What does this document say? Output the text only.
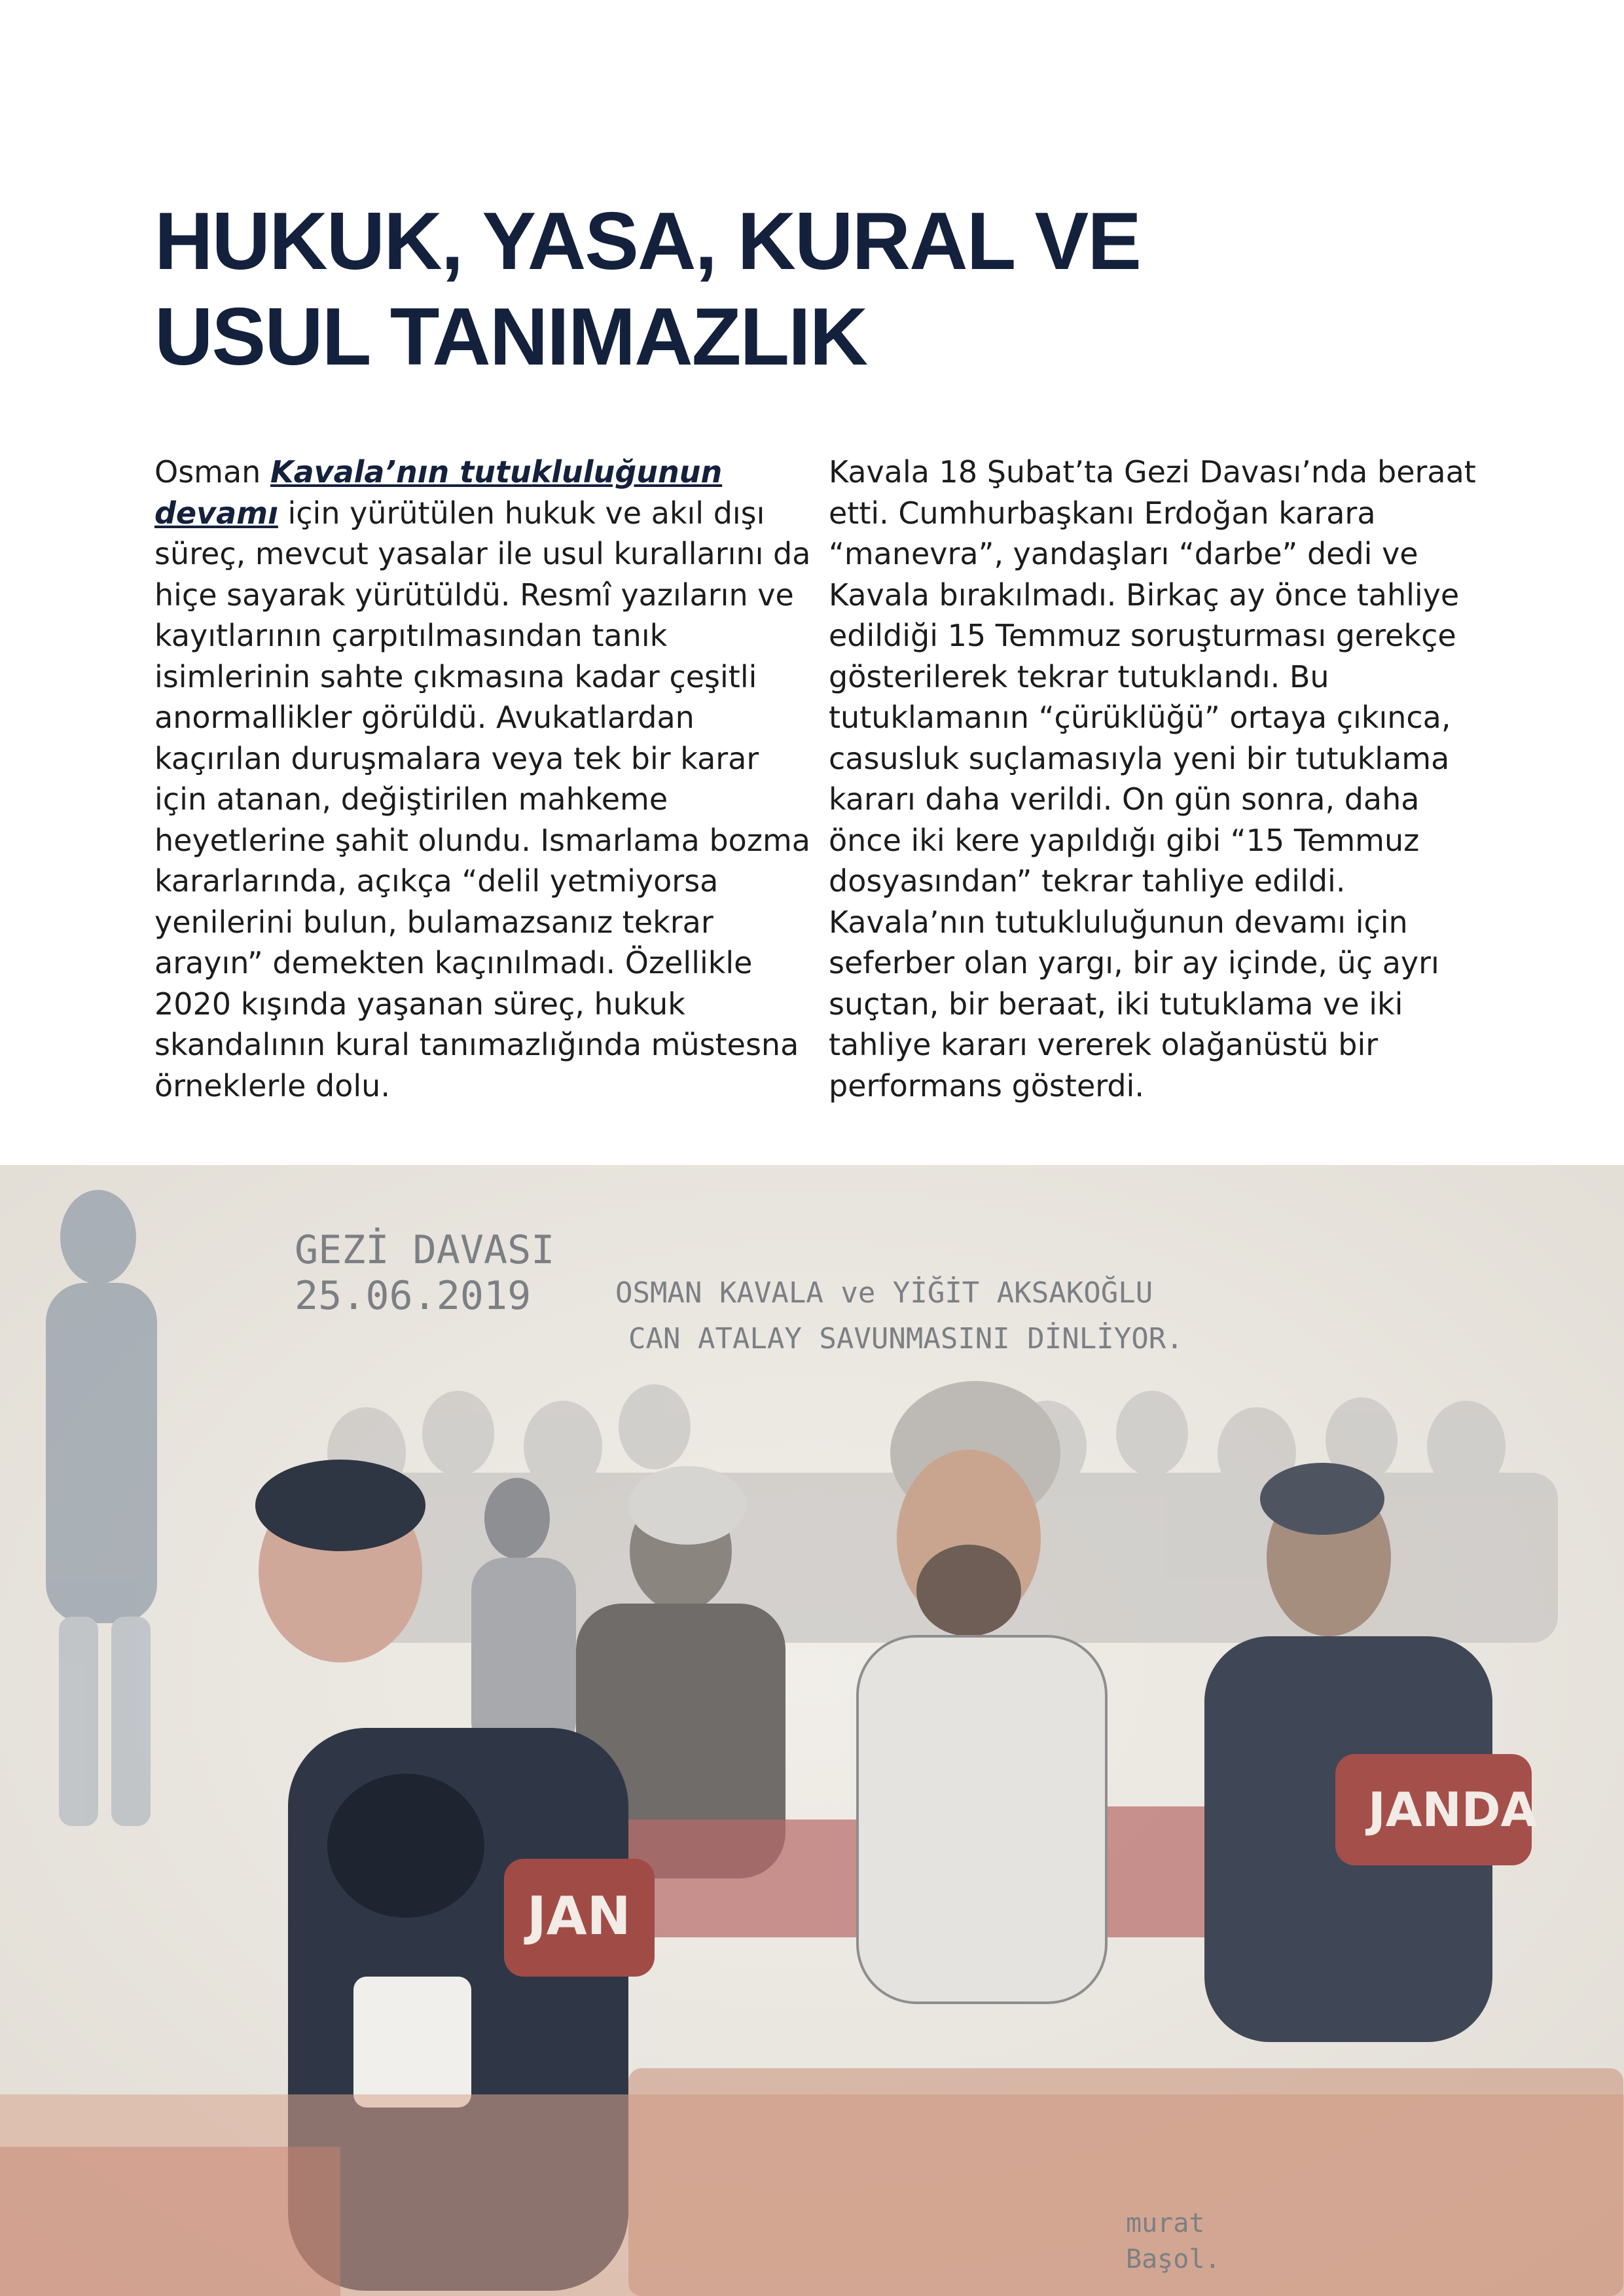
HUKUK, YASA, KURAL VE
USUL TANIMAZLIK

Osman Kavala’nın tutukluluğunun devamı için yürütülen hukuk ve akıl dışı süreç, mevcut yasalar ile usul kurallarını da hiçe sayarak yürütüldü. Resmî yazıların ve kayıtlarının çarpıtılmasından tanık isimlerinin sahte çıkmasına kadar çeşitli anormallikler görüldü. Avukatlardan kaçırılan duruşmalara veya tek bir karar için atanan, değiştirilen mahkeme heyetlerine şahit olundu. Ismarlama bozma kararlarında, açıkça “delil yetmiyorsa yenilerini bulun, bulamazsanız tekrar arayın” demekten kaçınılmadı. Özellikle 2020 kışında yaşanan süreç, hukuk skandalının kural tanımazlığında müstesna örneklerle dolu.

Kavala 18 Şubat’ta Gezi Davası’nda beraat etti. Cumhurbaşkanı Erdoğan karara “manevra”, yandaşları “darbe” dedi ve Kavala bırakılmadı. Birkaç ay önce tahliye edildiği 15 Temmuz soruşturması gerekçe gösterilerek tekrar tutuklandı. Bu tutuklamanın “çürüklüğü” ortaya çıkınca, casusluk suçlamasıyla yeni bir tutuklama kararı daha verildi. On gün sonra, daha önce iki kere yapıldığı gibi “15 Temmuz dosyasından” tekrar tahliye edildi. Kavala’nın tutukluluğunun devamı için seferber olan yargı, bir ay içinde, üç ayrı suçtan, bir beraat, iki tutuklama ve iki tahliye kararı vererek olağanüstü bir performans gösterdi.

JANDA
JAN
GEZİ DAVASI
25.06.2019	OSMAN KAVALA ve YİĞİT AKSAKOĞLU
CAN ATALAY SAVUNMASINI DİNLİYOR.
murat
Başol.
